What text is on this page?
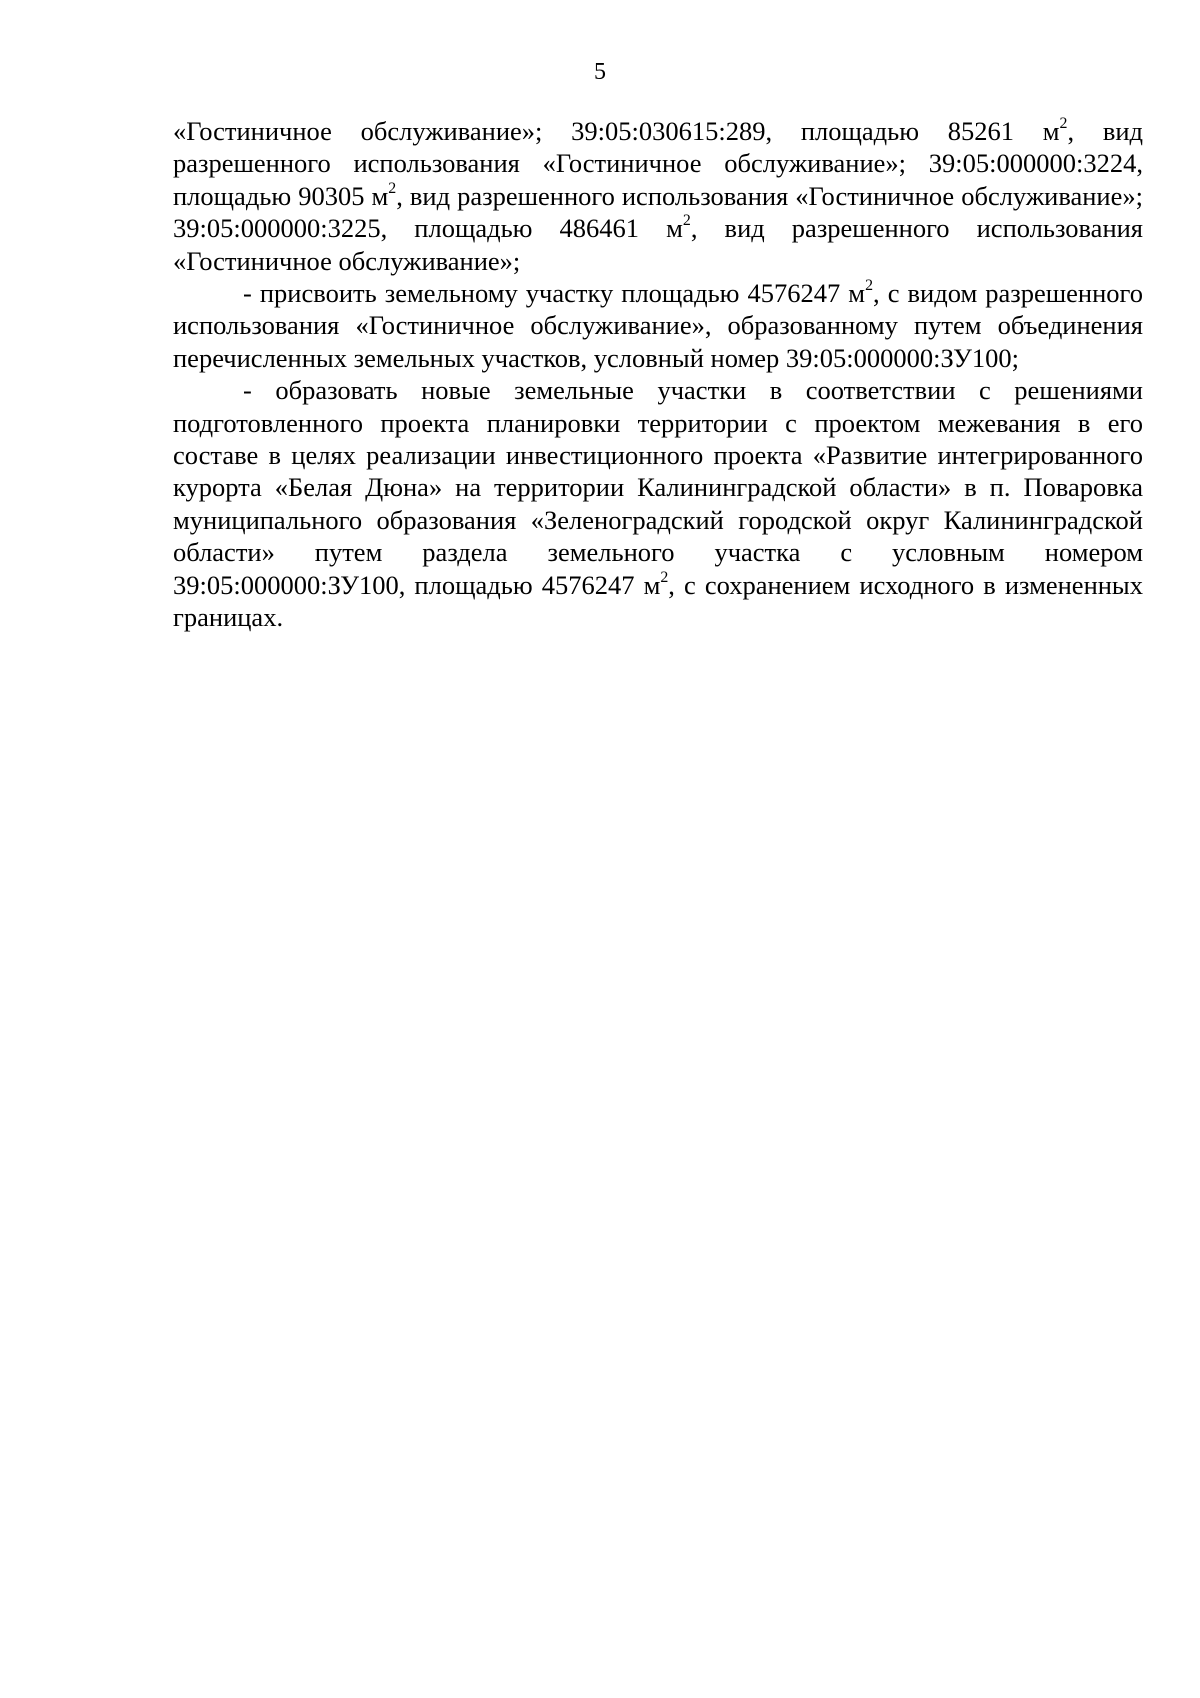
5

«Гостиничное обслуживание»; 39:05:030615:289, площадью 85261 $м^2$, вид разрешенного использования «Гостиничное обслуживание»; 39:05:000000:3224, площадью 90305 $м^2$, вид разрешенного использования «Гостиничное обслуживание»; 39:05:000000:3225, площадью 486461 $м^2$, вид разрешенного использования «Гостиничное обслуживание»;

- присвоить земельному участку площадью 4576247 $м^2$, с видом разрешенного использования «Гостиничное обслуживание», образованному путем объединения перечисленных земельных участков, условный номер 39:05:000000:ЗУ100;

- образовать новые земельные участки в соответствии с решениями подготовленного проекта планировки территории с проектом межевания в его составе в целях реализации инвестиционного проекта «Развитие интегрированного курорта «Белая Дюна» на территории Калининградской области» в п. Поваровка муниципального образования «Зеленоградский городской округ Калининградской области» путем раздела земельного участка с условным номером 39:05:000000:ЗУ100, площадью 4576247 $м^2$, с сохранением исходного в измененных границах.
